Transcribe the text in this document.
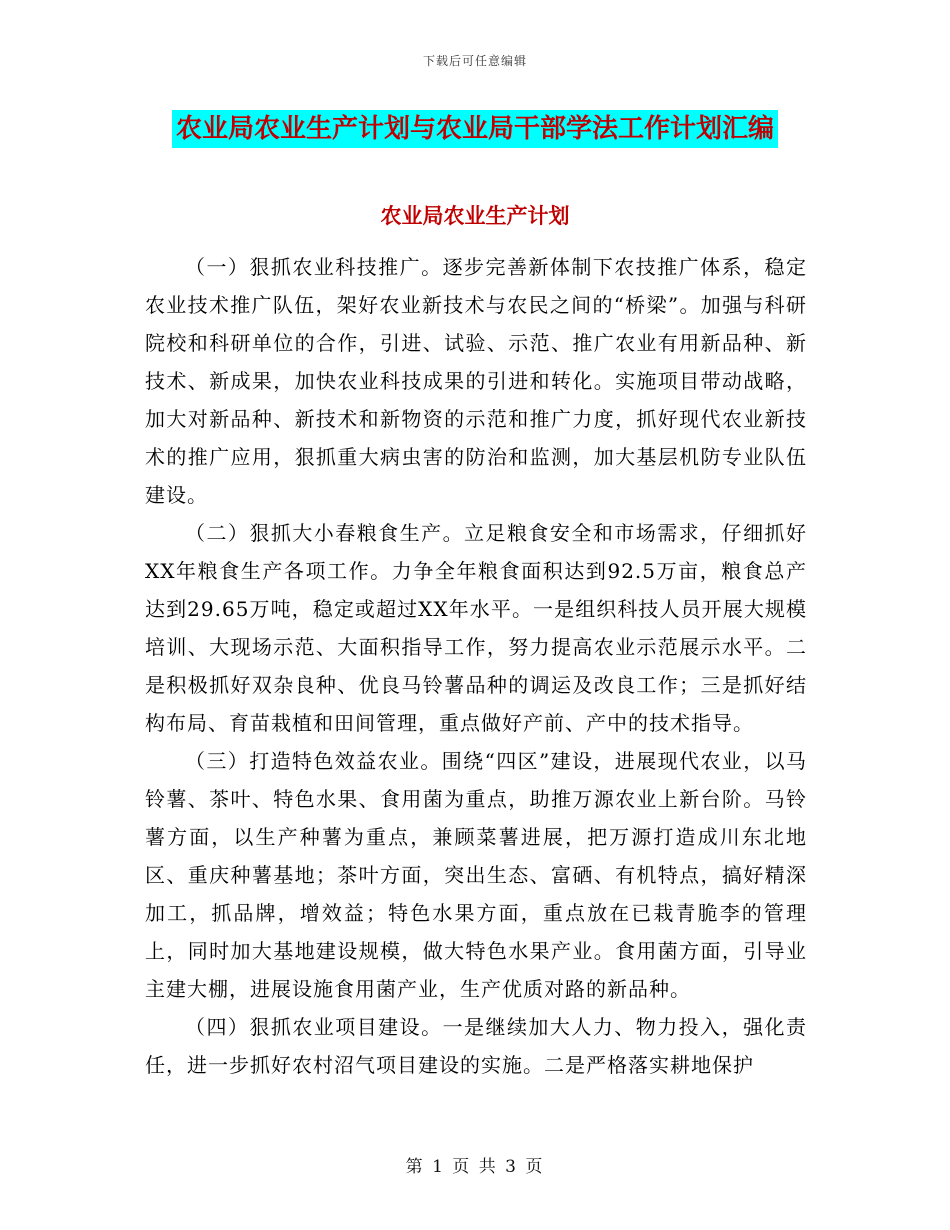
下载后可任意编辑
农业局农业生产计划与农业局干部学法工作计划汇编
农业局农业生产计划

（一）狠抓农业科技推广。逐步完善新体制下农技推广体系，稳定农业技术推广队伍，架好农业新技术与农民之间的“桥梁”。加强与科研院校和科研单位的合作，引进、试验、示范、推广农业有用新品种、新技术、新成果，加快农业科技成果的引进和转化。实施项目带动战略，加大对新品种、新技术和新物资的示范和推广力度，抓好现代农业新技术的推广应用，狠抓重大病虫害的防治和监测，加大基层机防专业队伍建设。

（二）狠抓大小春粮食生产。立足粮食安全和市场需求，仔细抓好XX年粮食生产各项工作。力争全年粮食面积达到92.5万亩，粮食总产达到29.65万吨，稳定或超过XX年水平。一是组织科技人员开展大规模培训、大现场示范、大面积指导工作，努力提高农业示范展示水平。二是积极抓好双杂良种、优良马铃薯品种的调运及改良工作；三是抓好结构布局、育苗栽植和田间管理，重点做好产前、产中的技术指导。

（三）打造特色效益农业。围绕“四区”建设，进展现代农业，以马铃薯、茶叶、特色水果、食用菌为重点，助推万源农业上新台阶。马铃薯方面，以生产种薯为重点，兼顾菜薯进展，把万源打造成川东北地区、重庆种薯基地；茶叶方面，突出生态、富硒、有机特点，搞好精深加工，抓品牌，增效益；特色水果方面，重点放在已栽青脆李的管理上，同时加大基地建设规模，做大特色水果产业。食用菌方面，引导业主建大棚，进展设施食用菌产业，生产优质对路的新品种。

（四）狠抓农业项目建设。一是继续加大人力、物力投入，强化责任，进一步抓好农村沼气项目建设的实施。二是严格落实耕地保护

第 1 页 共 3 页
